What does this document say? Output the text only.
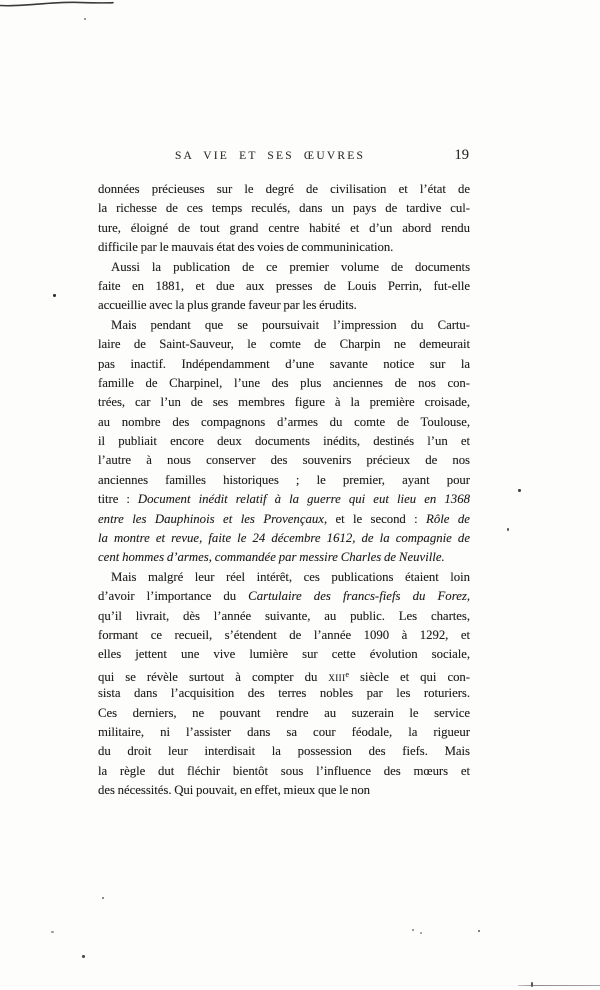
SA VIE ET SES ŒUVRES	19
données précieuses sur le degré de civilisation et l’état de
la richesse de ces temps reculés, dans un pays de tardive cul-
ture, éloigné de tout grand centre habité et d’un abord rendu
difficile par le mauvais état des voies de communinication.
Aussi la publication de ce premier volume de documents
faite en 1881, et due aux presses de Louis Perrin, fut-elle
accueillie avec la plus grande faveur par les érudits.
Mais pendant que se poursuivait l’impression du Cartu-
laire de Saint-Sauveur, le comte de Charpin ne demeurait
pas inactif. Indépendamment d’une savante notice sur la
famille de Charpinel, l’une des plus anciennes de nos con-
trées, car l’un de ses membres figure à la première croisade,
au nombre des compagnons d’armes du comte de Toulouse,
il publiait encore deux documents inédits, destinés l’un et
l’autre à nous conserver des souvenirs précieux de nos
anciennes familles historiques ; le premier, ayant pour
titre : Document inédit relatif à la guerre qui eut lieu en 1368
entre les Dauphinois et les Provençaux, et le second : Rôle de
la montre et revue, faite le 24 décembre 1612, de la compagnie de
cent hommes d’armes, commandée par messire Charles de Neuville.
Mais malgré leur réel intérêt, ces publications étaient loin
d’avoir l’importance du Cartulaire des francs-fiefs du Forez,
qu’il livrait, dès l’année suivante, au public. Les chartes,
formant ce recueil, s’étendent de l’année 1090 à 1292, et
elles jettent une vive lumière sur cette évolution sociale,
qui se révèle surtout à compter du xiii$^e$ siècle et qui con-
sista dans l’acquisition des terres nobles par les roturiers.
Ces derniers, ne pouvant rendre au suzerain le service
militaire, ni l’assister dans sa cour féodale, la rigueur
du droit leur interdisait la possession des fiefs. Mais
la règle dut fléchir bientôt sous l’influence des mœurs et
des nécessités. Qui pouvait, en effet, mieux que le non
